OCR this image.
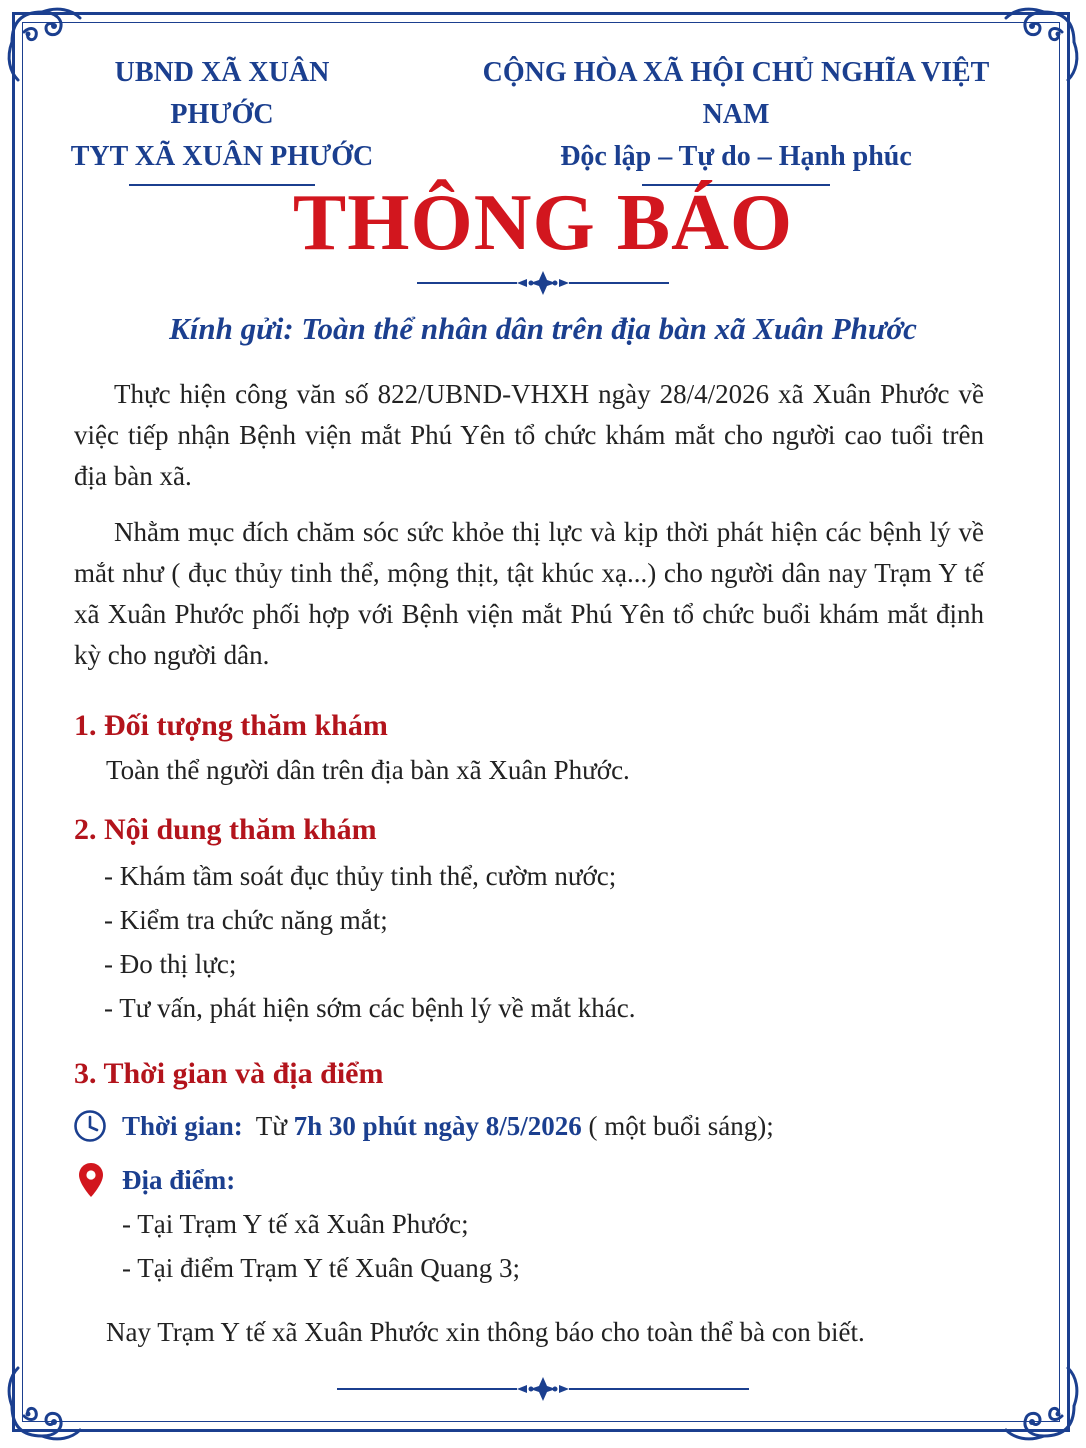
UBND XÃ XUÂN PHƯỚC
TYT XÃ XUÂN PHƯỚC
CỘNG HÒA XÃ HỘI CHỦ NGHĨA VIỆT NAM
Độc lập – Tự do – Hạnh phúc
THÔNG BÁO
Kính gửi: Toàn thể nhân dân trên địa bàn xã Xuân Phước

Thực hiện công văn số 822/UBND-VHXH ngày 28/4/2026 xã Xuân Phước về việc tiếp nhận Bệnh viện mắt Phú Yên tổ chức khám mắt cho người cao tuổi trên địa bàn xã.

Nhằm mục đích chăm sóc sức khỏe thị lực và kịp thời phát hiện các bệnh lý về mắt như ( đục thủy tinh thể, mộng thịt, tật khúc xạ...) cho người dân nay Trạm Y tế xã Xuân Phước phối hợp với Bệnh viện mắt Phú Yên tổ chức buổi khám mắt định kỳ cho người dân.

1. Đối tượng thăm khám
Toàn thể người dân trên địa bàn xã Xuân Phước.
2. Nội dung thăm khám
- Khám tầm soát đục thủy tinh thể, cườm nước;
- Kiểm tra chức năng mắt;
- Đo thị lực;
- Tư vấn, phát hiện sớm các bệnh lý về mắt khác.
3. Thời gian và địa điểm
Thời gian: Từ 7h 30 phút ngày 8/5/2026 ( một buổi sáng);
Địa điểm:
- Tại Trạm Y tế xã Xuân Phước;
- Tại điểm Trạm Y tế Xuân Quang 3;
Nay Trạm Y tế xã Xuân Phước xin thông báo cho toàn thể bà con biết.
